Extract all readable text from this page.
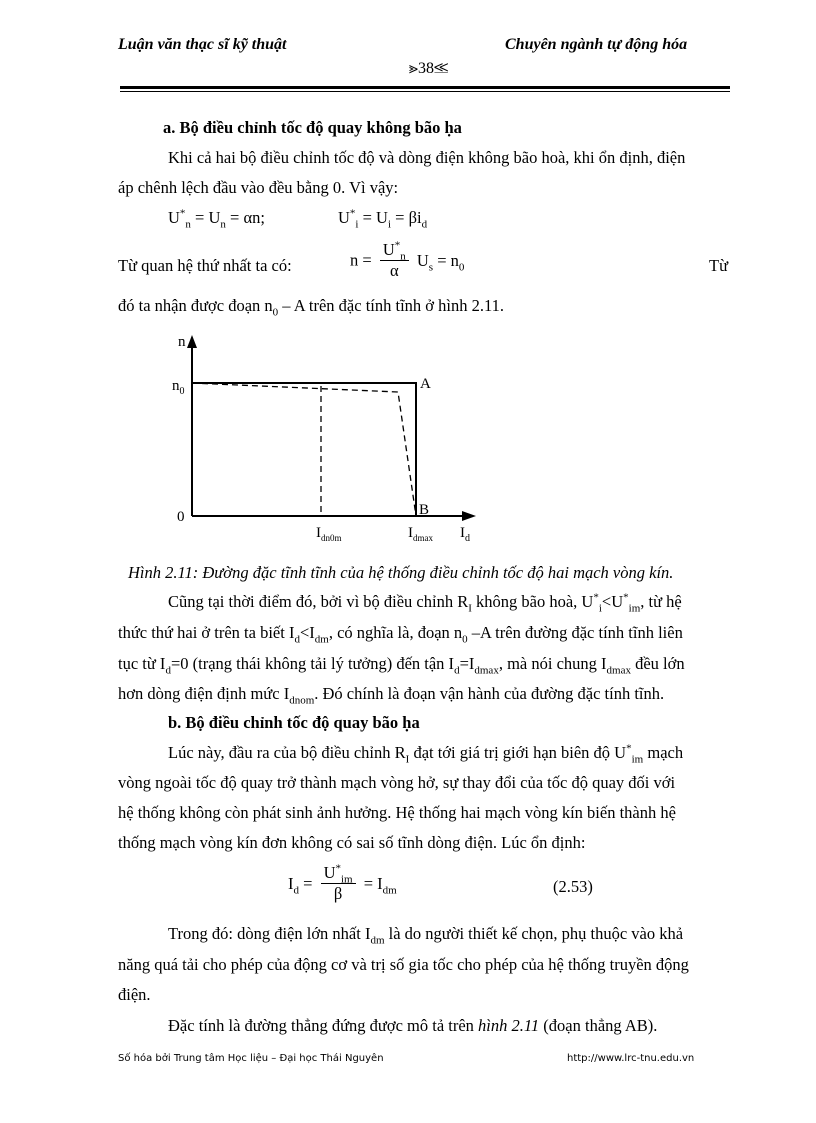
Luận văn thạc sĩ kỹ thuật	Chuyên ngành tự động hóa
⪢38⪣
a. Bộ điều chỉnh tốc độ quay không bão ḥa
Khi cả hai bộ điều chỉnh tốc độ và dòng điện không bão hoà, khi ổn định, điện
áp chênh lệch đầu vào đều bằng 0. Vì vậy:
$U^*_n = U_n = \alpha n$;	$U^*_i = U_i = \beta i_d$
Từ quan hệ thứ nhất ta có:	$n = \frac{U^*_n}{\alpha} U_s = n_0$	Từ
đó ta nhận được đoạn $n_0$ – A trên đặc tính tĩnh ở hình 2.11.
n
$n_0$
0
A
B
$I_{dn0m}$	$I_{dmax}$ $I_d$
Hình 2.11: Đường đặc tĩnh tĩnh của hệ thống điều chỉnh tốc độ hai mạch vòng kín.
Cũng tại thời điểm đó, bởi vì bộ điều chỉnh $R_I$ không bão hoà, $U^*_i<U^*_{im}$, từ hệ
thức thứ hai ở trên ta biết $I_d<I_{dm}$, có nghĩa là, đoạn $n_0$ –A trên đường đặc tính tĩnh liên
tục từ $I_d=0$ (trạng thái không tải lý tưởng) đến tận $I_d=I_{dmax}$, mà nói chung $I_{dmax}$ đều lớn
hơn dòng điện định mức $I_{dnom}$. Đó chính là đoạn vận hành của đường đặc tính tĩnh.
b. Bộ điều chỉnh tốc độ quay bão ḥa
Lúc này, đầu ra của bộ điều chỉnh $R_I$ đạt tới giá trị giới hạn biên độ $U^*_{im}$ mạch
vòng ngoài tốc độ quay trở thành mạch vòng hở, sự thay đổi của tốc độ quay đối với
hệ thống không còn phát sinh ảnh hưởng. Hệ thống hai mạch vòng kín biến thành hệ
thống mạch vòng kín đơn không có sai số tĩnh dòng điện. Lúc ổn định:
$I_d = \frac{U^*_{im}}{\beta} = I_{dm}$	(2.53)
Trong đó: dòng điện lớn nhất $I_{dm}$ là do người thiết kế chọn, phụ thuộc vào khả
năng quá tải cho phép của động cơ và trị số gia tốc cho phép của hệ thống truyền động
điện.
Đặc tính là đường thẳng đứng được mô tả trên hình 2.11 (đoạn thẳng AB).
Số hóa bởi Trung tâm Học liệu – Đại học Thái Nguyên	http://www.lrc-tnu.edu.vn
